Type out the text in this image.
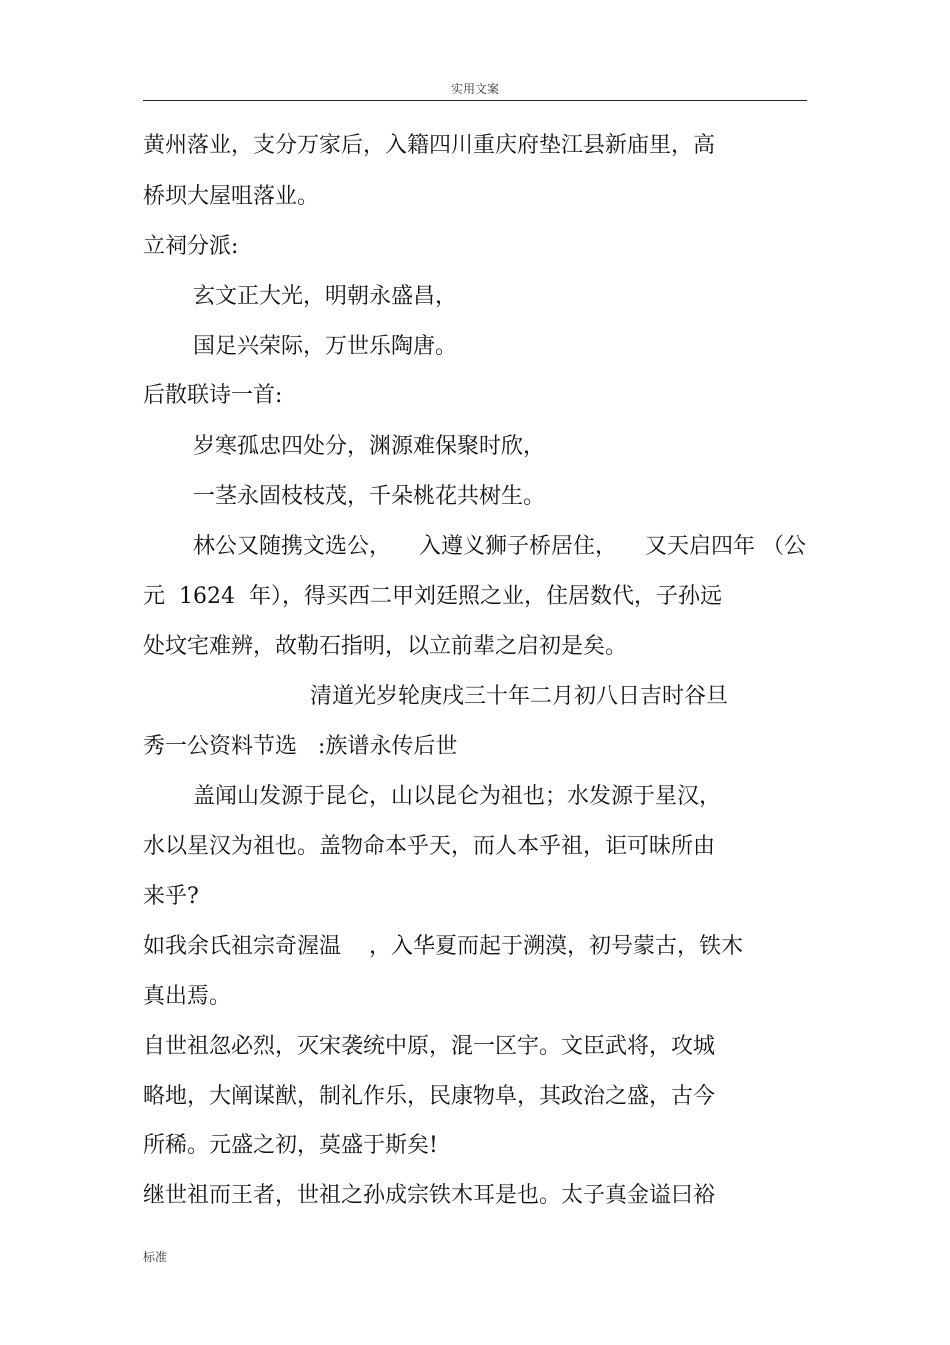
实用文案
黄州落业，支分万家后，入籍四川重庆府垫江县新庙里，高
桥坝大屋咀落业。
立祠分派:
玄文正大光，明朝永盛昌，
国足兴荣际，万世乐陶唐。
后散联诗一首:
岁寒孤忠四处分，渊源难保聚时欣，
一茎永固枝枝茂，千朵桃花共树生。
林公又随携文选公，    入遵义狮子桥居住，    又天启四年 （公
元  1624  年），得买西二甲刘廷照之业，住居数代，子孙远
处坟宅难辨，故勒石指明，以立前辈之启初是矣。
清道光岁轮庚戌三十年二月初八日吉时谷旦
秀一公资料节选   :族谱永传后世
盖闻山发源于昆仑，山以昆仑为祖也；水发源于星汉，
水以星汉为祖也。盖物命本乎天，而人本乎祖，讵可昧所由
来乎?
如我余氏祖宗奇渥温    ，入华夏而起于溯漠，初号蒙古，铁木
真出焉。
自世祖忽必烈，灭宋袭统中原，混一区宇。文臣武将，攻城
略地，大阐谋猷，制礼作乐，民康物阜，其政治之盛，古今
所稀。元盛之初，莫盛于斯矣!
继世祖而王者，世祖之孙成宗铁木耳是也。太子真金谥曰裕
标准
